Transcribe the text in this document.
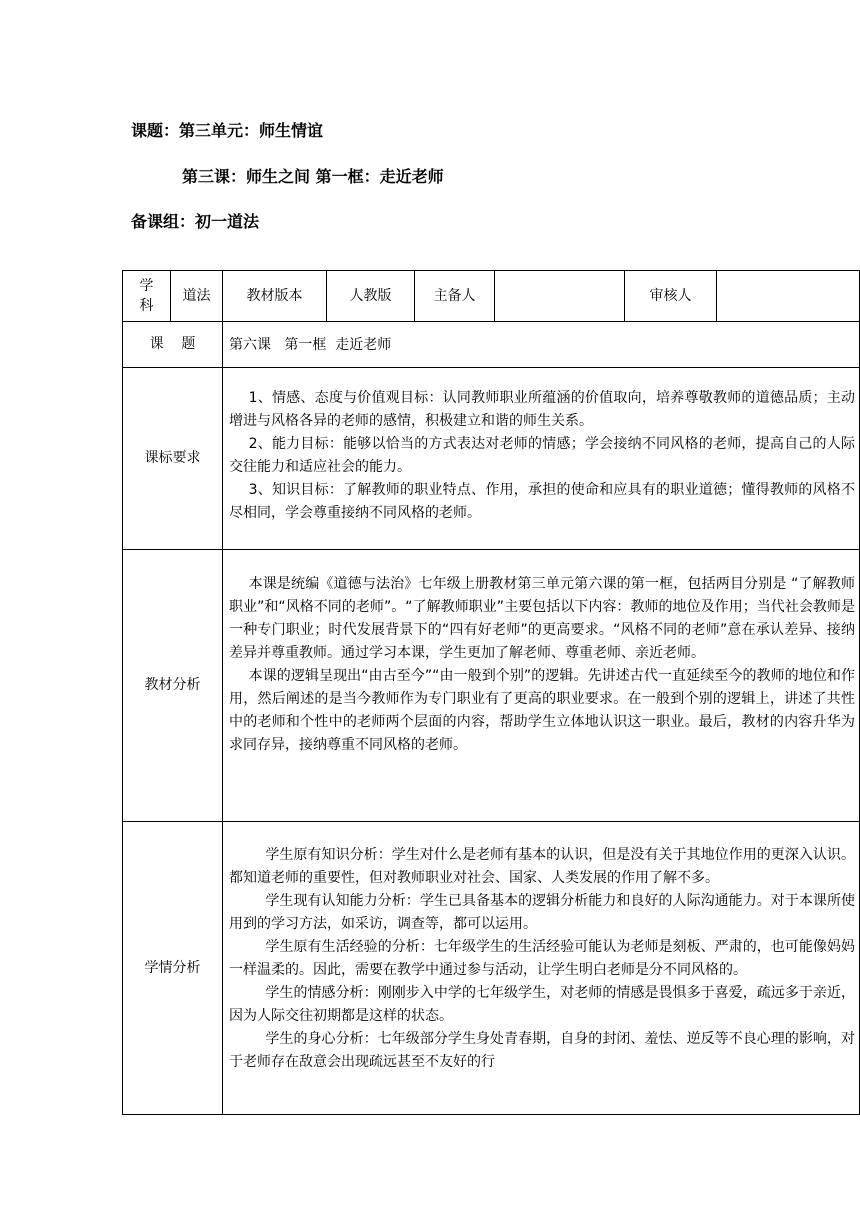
课题：第三单元：师生情谊
第三课：师生之间 第一框：走近老师
备课组：初一道法
学科	道法	教材版本	人教版	主备人		审核人	
课    题		第六课   第一框  走近老师					
课标要求		1、情感、态度与价值观目标：认同教师职业所蕴涵的价值取向，培养尊敬教师的道德品质；主动增进与风格各异的老师的感情，积极建立和谐的师生关系。

2、能力目标：能够以恰当的方式表达对老师的情感；学会接纳不同风格的老师，提高自己的人际交往能力和适应社会的能力。

3、知识目标：了解教师的职业特点、作用，承担的使命和应具有的职业道德；懂得教师的风格不尽相同，学会尊重接纳不同风格的老师。					

教材分析		本课是统编《道德与法治》七年级上册教材第三单元第六课的第一框，包括两目分别是 “了解教师职业”和“风格不同的老师”。“了解教师职业”主要包括以下内容：教师的地位及作用；当代社会教师是一种专门职业；时代发展背景下的“四有好老师”的更高要求。“风格不同的老师”意在承认差异、接纳差异并尊重教师。通过学习本课，学生更加了解老师、尊重老师、亲近老师。

本课的逻辑呈现出“由古至今”“由一般到个别”的逻辑。先讲述古代一直延续至今的教师的地位和作用，然后阐述的是当今教师作为专门职业有了更高的职业要求。在一般到个别的逻辑上，讲述了共性中的老师和个性中的老师两个层面的内容，帮助学生立体地认识这一职业。最后，教材的内容升华为求同存异，接纳尊重不同风格的老师。					

学情分析		学生原有知识分析：学生对什么是老师有基本的认识，但是没有关于其地位作用的更深入认识。都知道老师的重要性，但对教师职业对社会、国家、人类发展的作用了解不多。

学生现有认知能力分析：学生已具备基本的逻辑分析能力和良好的人际沟通能力。对于本课所使用到的学习方法，如采访，调查等，都可以运用。

学生原有生活经验的分析：七年级学生的生活经验可能认为老师是刻板、严肃的，也可能像妈妈一样温柔的。因此，需要在教学中通过参与活动，让学生明白老师是分不同风格的。

学生的情感分析：刚刚步入中学的七年级学生，对老师的情感是畏惧多于喜爱，疏远多于亲近，因为人际交往初期都是这样的状态。

学生的身心分析：七年级部分学生身处青春期，自身的封闭、羞怯、逆反等不良心理的影响，对于老师存在敌意会出现疏远甚至不友好的行					
